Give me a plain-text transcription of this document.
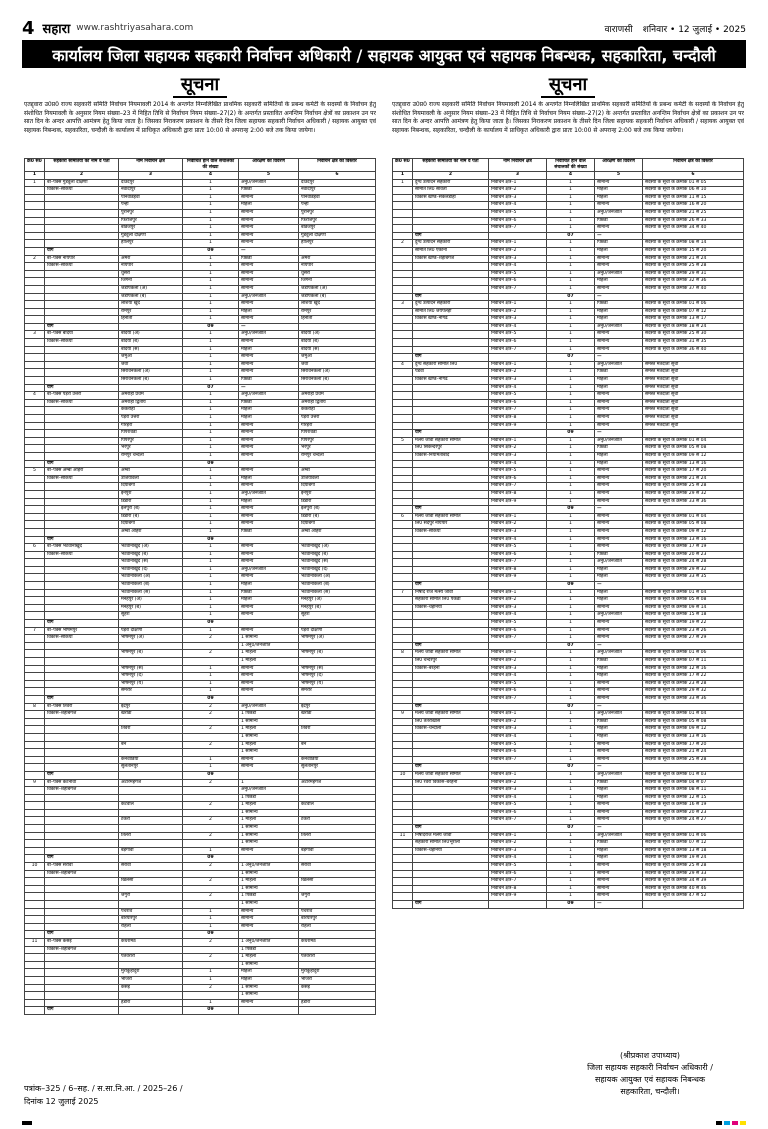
4 सहारा www.rashtriyasahara.com	वाराणसी शनिवार • 12 जुलाई • 2025
कार्यालय जिला सहायक सहकारी निर्वाचन अधिकारी / सहायक आयुक्त एवं सहायक निबन्धक, सहकारिता, चन्दौली
सूचना
एतद्द्वारा उ0प्र0 राज्य सहकारी समिति निर्वाचन नियमावली 2014 के अन्तर्गत निम्नलिखित प्राथमिक सहकारी समितियों के प्रबन्ध कमेटी के सदस्यों के निर्वाचन हेतु संशोधित नियमावली के अनुसार नियम संख्या–23 में निहित तिथि से निर्वाचन नियम संख्या–27(2) के अन्तर्गत प्रस्तावित अनन्तिम निर्वाचन क्षेत्रों का प्रकाशन उन पर सात दिन के अन्दर आपत्ति आमंत्रण हेतु किया जाता है। जिसका निराकरण प्रकाशन के तीसरे दिन जिला सहायक सहकारी निर्वाचन अधिकारी / सहायक आयुक्त एवं सहायक निबन्धक, सहकारिता, चन्दौली के कार्यालय में प्राधिकृत अधिकारी द्वारा प्रातः 10:00 से अपरान्ह 2:00 बजे तक किया जायेगा।
क्र0 सं0	सहकारी समितियों का नाम व पता	नाम निर्वाचन क्षेत्र	निर्वाचित होने वाले संचालकों की संख्या	आरक्षण का विवरण	निर्वाचन क्षेत्र का विस्तार
1	2	3	4	5	6
1	बी–पैक्स गुडवुला दक्षिणी	दाउदपुर	1	अनु0/जनजाति	दाउदपुर
	विकास–सकिया	नवादापुर	1	पिछडी	नवादापुर
		पानवाडेहवा	1	सामान्य	पानवाडेहवा
		पन्ही	1	महिला	पन्ही
		पुरानपुर	1	सामान्य	पुरानपुर
		फिरोजपुर	1	सामान्य	फिरोजपुर
		बोडजपुर	1	सामान्य	बोडजपुर
		गुडवुला दक्षिणी	1	सामान्य	गुडवुला दक्षिणी
		हीलिपुर	1	सामान्य	हीलिपुर
	योग		09	—	
2	बी–पैक्स नायपार	अमरा	1	पिछडी	अमरा
	विकास–सकिया	नायपार	1	सामान्य	नायपार
		धुसरा	1	सामान्य	धुसरा
		जिगना	1	सामान्य	जिगना
		जडीपकलॉ (अ)	1	सामान्य	जडीपकलॉ (अ)
		जडीपकलॉ (ब)	1	अनु0/जनजाति	जडीपकलॉ (ब)
		लशिया खुर्द	1	सामान्य	लशिया खुर्द
		रामपुर	1	महिला	रामपुर
		हिनौती	1	सामान्य	हिनौती
	योग		09	—	
3	बी–पैक्स बदिया	बदिया (अ)	1	अनु0/जनजाति	बदिया (अ)
	विकास–सकिया	बदिया (ब)	1	सामान्य	बदिया (ब)
		बदिया (स)	1	महिला	बदिया (स)
		जमुआ	1	सामान्य	जमुआ
		जेवा	1	सामान्य	जेवा
		सिरावनकलॉ (अ)	1	सामान्य	सिरावनकलॉ (अ)
		सिरावनकलॉ (ब)	1	पिछडी	सिरावनकलॉ (ब)
	योग		07	—	
4	बी–पैक्स पड़रा उत्तरी	अमरोहा प्रथम	1	अनु0/जनजाति	अमरोहा प्रथम
	विकास–सकिया	अमरोहा द्वितीय	1	पिछडी	अमरोहा द्वितीय
		ककरीहा	1	महिला	ककरीहा
		पड़रा उत्तरी	1	महिला	पड़रा उत्तरी
		गोरहरा	1	सामान्य	गोरहरा
		पिपरावडी	1	सामान्य	पिपरावडी
		पिपरपुर	1	सामान्य	पिपरपुर
		भरपुर	1	सामान्य	भरपुर
		रामपुर चन्दली	1	सामान्य	रामपुर चन्दली
	योग		09		
5	बी–पैक्स अम्बा अहिरा	अम्बा	1	सामान्य	अम्बा
	विकास–सकिया	उजियावली	1	महिला	उजियावली
		दियाबगा	1	सामान्य	दियाबगा
		इनपुरा	1	अनु0/जनजाति	इनपुरा
		डिडोरी	1	महिला	डिडोरी
		इलपुरा (ब)	1	सामान्य	इलपुरा (ब)
		डिडोरी (ब)	1	सामान्य	डिडोरी (ब)
		दियाबगा	1	सामान्य	दियाबगा
		अम्बा अहिरा	1	पिछडी	अम्बा अहिरा
	योग		09		
6	बी–पैक्स भटवानाखुर्द	भटवानाखुर्द (अ)	1	सामान्य	भटवानाखुर्द (अ)
	विकास–सकिया	भटवानाखुर्द (ब)	1	सामान्य	भटवानाखुर्द (ब)
		भटवानाखुर्द (स)	1	सामान्य	भटवानाखुर्द (स)
		भटवानाखुर्द (द)	1	अनु0/जनजाति	भटवानाखुर्द (द)
		भटवानाकलॉ (अ)	1	सामान्य	भटवानाकलॉ (अ)
		भटवानाकलॉ (ब)	1	महिला	भटवानाकलॉ (ब)
		भटवानाकलॉ (स)	1	पिछडी	भटवानाकलॉ (स)
		मनेहपुर (अ)	1	महिला	मनेहपुर (अ)
		मनेहपुर (ब)	1	सामान्य	मनेहपुर (ब)
		सुहरा	1	सामान्य	सुहरा
	योग		09		
7	बी–पैक्स भीषमपुर	पड़रा दक्षिणी	1	सामान्य	पड़रा दक्षिणी
	विकास–सकिया	भीषमपुर (अ)	2	1 सामान्य	भीषमपुर (अ)
				1 अनु0/जनजाति	
		भीषमपुर (ब)	2	1 महिला	भीषमपुर (ब)
				1 महिला	
		भीषमपुर (स)	1	सामान्य	भीषमपुर (स)
		भीषमपुर (द)	1	सामान्य	भीषमपुर (द)
		भीषमपुर (य)	1	सामान्य	भीषमपुर (य)
		सेमरौर	1	सामान्य	सेमरौर
	योग		09		
8	बी–पैक्स तिवरी	इंद्रपुर	2	अनु0/जनजाति	इंद्रपुर
	विकास–शहाबगंज	खरौडा	2	1 पिछडी	खरौडा
				1 सामान्य	
		तिवरी	2	1 महिला	तिवरी
				1 सामान्य	
		बेन	2	1 महिला	बेन
				1 सामान्य	
		कनवाडिया	1	सामान्य	कनवाडिया
		सुलतानपुर	1	सामान्य	सुलतानपुर
	योग		09		
9	बी–पैक्स कटनौवा	अटारमहगंज	2	1	अटारमहगंज
	विकास–शहाबगंज			अनु0/जनजाति	
				1 पिछडी	
		कटवौल	2	1 महिला	कटवौल
				1 सामान्य	
		टेकरी	2	1 महिला	टेकरी
				1 सामान्य	
		तिलरा	2	1 सामान्य	तिलरा
				1 सामान्य	
		बड़गावीं	1	सामान्य	बड़गावीं
	योग		09		
10	बी–पैक्स सरावा	सरावा	2	1 अनु0/जनजाति	सरावा
	विकास–शहाबगंज			1 सामान्य	
		खिलसी	2	1 महिला	खिलसी
				1 सामान्य	
		जेंगुरी	2	1 पिछडी	जेंगुरी
				1 सामान्य	
		पचराव	1	सामान्य	पचराव
		बरियारपुर	1	सामान्य	बरियारपुर
		रोहली	1	सामान्य	रोहली
	योग		09		
11	बी–पैक्स कसेई	कंधरामठ	2	1 अनु0/जनजाति	कंधरामठ
	विकास–शहाबगंज			1 पिछडी	
		पतेवरारी	2	1 महिला	पतेवरारी
				1 सामान्य	
		मुरीकुहादुरी	1	महिला	मुरीकुहादुरी
		भौजरा	1	महिला	भौजरा
		कसेई	2	1 सामान्य	कसेई
				1 सामान्य	
		हडौरा	1	सामान्य	हडौरा
	योग		09		
सूचना
एतद्द्वारा उ0प्र0 राज्य सहकारी समिति निर्वाचन नियमावली 2014 के अन्तर्गत निम्नलिखित प्राथमिक सहकारी समितियों के प्रबन्ध कमेटी के सदस्यों के निर्वाचन हेतु संशोधित नियमावली के अनुसार नियम संख्या–23 में निहित तिथि से निर्वाचन नियम संख्या–27(2) के अन्तर्गत प्रस्तावित अनन्तिम निर्वाचन क्षेत्रों का प्रकाशन उन पर सात दिन के अन्दर आपत्ति आमंत्रण हेतु किया जाता है। जिसका निराकरण प्रकाशन के तीसरे दिन जिला सहायक सहकारी निर्वाचन अधिकारी / सहायक आयुक्त एवं सहायक निबन्धक, सहकारिता, चन्दौली के कार्यालय में प्राधिकृत अधिकारी द्वारा प्रातः 10:00 से अपरान्ह 2:00 बजे तक किया जायेगा।
क्र0 सं0	सहकारी समितियों का नाम व पता	नाम निर्वाचन क्षेत्र	निर्वाचित होने वाले संचालकों की संख्या	आरक्षण का विवरण	निर्वाचन क्षेत्र का विस्तार
1	2	3	4	5	6
1	दुग्ध उत्पादन सहकारी	निर्वाचन क्षेत्र–1	1	सामान्य	सदस्यों के सूची के क्रमांक 01 से 05
	समिति लि0 सावती	निर्वाचन क्षेत्र–2	1	महिला	सदस्यों के सूची के क्रमांक 06 से 10
	विकास खण्ड–सकलडीहा	निर्वाचन क्षेत्र–3	1	महिला	सदस्यों के सूची के क्रमांक 11 से 15
		निर्वाचन क्षेत्र–4	1	सामान्य	सदस्यों के सूची के क्रमांक 16 से 20
		निर्वाचन क्षेत्र–5	1	अनु0/जनजाति	सदस्यों के सूची के क्रमांक 21 से 25
		निर्वाचन क्षेत्र–6	1	पिछडी	सदस्यों के सूची के क्रमांक 26 से 33
		निर्वाचन क्षेत्र–7	1	सामान्य	सदस्यों के सूची के क्रमांक 34 से 40
	योग		07	—	
2	दुग्ध उत्पादन सहकारी	निर्वाचन क्षेत्र–1	1	पिछडी	सदस्यों के सूची के क्रमांक 08 से 14
	समिति लि0 एकौना	निर्वाचन क्षेत्र–2	1	महिला	सदस्यों के सूची के क्रमांक 15 से 20
	विकास खण्ड–शहाबगंज	निर्वाचन क्षेत्र–3	1	सामान्य	सदस्यों के सूची के क्रमांक 21 से 24
		निर्वाचन क्षेत्र–4	1	सामान्य	सदस्यों के सूची के क्रमांक 25 से 28
		निर्वाचन क्षेत्र–5	1	अनु0/जनजाति	सदस्यों के सूची के क्रमांक 29 से 31
		निर्वाचन क्षेत्र–6	1	महिला	सदस्यों के सूची के क्रमांक 32 से 36
		निर्वाचन क्षेत्र–7	1	सामान्य	सदस्यों के सूची के क्रमांक 37 से 40
	योग		07	—	
3	दुग्ध उत्पादन सहकारी	निर्वाचन क्षेत्र–1	1	पिछडी	सदस्यों के सूची के क्रमांक 01 से 06
	समिति लि0 जयपलेही	निर्वाचन क्षेत्र–2	1	महिला	सदस्यों के सूची के क्रमांक 07 से 12
	विकास खण्ड–नौगढ	निर्वाचन क्षेत्र–3	1	महिला	सदस्यों के सूची के क्रमांक 13 से 17
		निर्वाचन क्षेत्र–4	1	अनु0/जनजाति	सदस्यों के सूची के क्रमांक 18 से 24
		निर्वाचन क्षेत्र–5	1	सामान्य	सदस्यों के सूची के क्रमांक 25 से 30
		निर्वाचन क्षेत्र–6	1	सामान्य	सदस्यों के सूची के क्रमांक 31 से 35
		निर्वाचन क्षेत्र–7	1	सामान्य	सदस्यों के सूची के क्रमांक 36 से 40
	योग		07	—	
4	दुग्ध सहकारी समिति लि0	निर्वाचन क्षेत्र–1	1	अनु0/जनजाति	समस्त मतदाता सूची
	पडवा	निर्वाचन क्षेत्र–2	1	पिछडी	समस्त मतदाता सूची
	विकास खण्ड–नौगढ	निर्वाचन क्षेत्र–3	1	महिला	समस्त मतदाता सूची
		निर्वाचन क्षेत्र–4	1	महिला	समस्त मतदाता सूची
		निर्वाचन क्षेत्र–5	1	सामान्य	समस्त मतदाता सूची
		निर्वाचन क्षेत्र–6	1	सामान्य	समस्त मतदाता सूची
		निर्वाचन क्षेत्र–7	1	सामान्य	समस्त मतदाता सूची
		निर्वाचन क्षेत्र–8	1	सामान्य	समस्त मतदाता सूची
		निर्वाचन क्षेत्र–9	1	सामान्य	समस्त मतदाता सूची
	योग		09	—	
5	मत्स्य जीवी सहकारी समिति	निर्वाचन क्षेत्र–1	1	अनु0/जनजाति	सदस्यों के सूची के क्रमांक 01 से 04
	लि0 सिकन्दरपुर	निर्वाचन क्षेत्र–2	1	पिछडी	सदस्यों के सूची के क्रमांक 05 से 08
	विकास–नियामताबाद	निर्वाचन क्षेत्र–3	1	महिला	सदस्यों के सूची के क्रमांक 09 से 12
		निर्वाचन क्षेत्र–4	1	महिला	सदस्यों के सूची के क्रमांक 13 से 16
		निर्वाचन क्षेत्र–5	1	सामान्य	सदस्यों के सूची के क्रमांक 17 से 20
		निर्वाचन क्षेत्र–6	1	सामान्य	सदस्यों के सूची के क्रमांक 21 से 24
		निर्वाचन क्षेत्र–7	1	सामान्य	सदस्यों के सूची के क्रमांक 25 से 28
		निर्वाचन क्षेत्र–8	1	सामान्य	सदस्यों के सूची के क्रमांक 29 से 32
		निर्वाचन क्षेत्र–9	1	सामान्य	सदस्यों के सूची के क्रमांक 33 से 36
	योग		09	—	
6	मत्स्य जीवी सहकारी समिति	निर्वाचन क्षेत्र–1	1	सामान्य	सदस्यों के सूची के क्रमांक 01 से 04
	लि0 सदपुर नायपार	निर्वाचन क्षेत्र–2	1	सामान्य	सदस्यों के सूची के क्रमांक 05 से 08
	विकास–सकिया	निर्वाचन क्षेत्र–3	1	सामान्य	सदस्यों के सूची के क्रमांक 09 से 12
		निर्वाचन क्षेत्र–4	1	सामान्य	सदस्यों के सूची के क्रमांक 13 से 16
		निर्वाचन क्षेत्र–5	1	सामान्य	सदस्यों के सूची के क्रमांक 17 से 19
		निर्वाचन क्षेत्र–6	1	पिछडी	सदस्यों के सूची के क्रमांक 20 से 23
		निर्वाचन क्षेत्र–7	1	अनु0/जनजाति	सदस्यों के सूची के क्रमांक 24 से 28
		निर्वाचन क्षेत्र–8	1	महिला	सदस्यों के सूची के क्रमांक 29 से 32
		निर्वाचन क्षेत्र–9	1	महिला	सदस्यों के सूची के क्रमांक 33 से 35
	योग		09	—	
7	निषाद राज मत्स्य जीवी	निर्वाचन क्षेत्र–1	1	महिला	सदस्यों के सूची के क्रमांक 01 से 04
	सहकारी समिति लि0 पकडी	निर्वाचन क्षेत्र–2	1	महिला	सदस्यों के सूची के क्रमांक 05 से 08
	विकास–चहनियॉ	निर्वाचन क्षेत्र–3	1	सामान्य	सदस्यों के सूची के क्रमांक 09 से 14
		निर्वाचन क्षेत्र–4	1	अनु0/जनजाति	सदस्यों के सूची के क्रमांक 15 से 18
		निर्वाचन क्षेत्र–5	1	सामान्य	सदस्यों के सूची के क्रमांक 19 से 22
		निर्वाचन क्षेत्र–6	1	सामान्य	सदस्यों के सूची के क्रमांक 23 से 26
		निर्वाचन क्षेत्र–7	1	सामान्य	सदस्यों के सूची के क्रमांक 27 से 29
	योग		07	—	
8	मत्स्य जीवी सहकारी समिति	निर्वाचन क्षेत्र–1	1	अनु0/जनजाति	सदस्यों के सूची के क्रमांक 01 से 06
	लि0 चन्दरपुर	निर्वाचन क्षेत्र–2	1	पिछडी	सदस्यों के सूची के क्रमांक 07 से 11
	विकास–बरहनी	निर्वाचन क्षेत्र–3	1	महिला	सदस्यों के सूची के क्रमांक 12 से 16
		निर्वाचन क्षेत्र–4	1	महिला	सदस्यों के सूची के क्रमांक 17 से 22
		निर्वाचन क्षेत्र–5	1	सामान्य	सदस्यों के सूची के क्रमांक 23 से 28
		निर्वाचन क्षेत्र–6	1	सामान्य	सदस्यों के सूची के क्रमांक 29 से 32
		निर्वाचन क्षेत्र–7	1	सामान्य	सदस्यों के सूची के क्रमांक 33 से 36
	योग		07	—	
9	मत्स्य जीवी सहकारी समिति	निर्वाचन क्षेत्र–1	1	अनु0/जनजाति	सदस्यों के सूची के क्रमांक 01 से 04
	लि0 तेतराखास	निर्वाचन क्षेत्र–2	1	पिछडी	सदस्यों के सूची के क्रमांक 05 से 08
	विकास–चन्दौली	निर्वाचन क्षेत्र–3	1	महिला	सदस्यों के सूची के क्रमांक 09 से 12
		निर्वाचन क्षेत्र–4	1	महिला	सदस्यों के सूची के क्रमांक 13 से 16
		निर्वाचन क्षेत्र–5	1	सामान्य	सदस्यों के सूची के क्रमांक 17 से 20
		निर्वाचन क्षेत्र–6	1	सामान्य	सदस्यों के सूची के क्रमांक 21 से 24
		निर्वाचन क्षेत्र–7	1	सामान्य	सदस्यों के सूची के क्रमांक 25 से 28
	योग		07	—	
10	मत्स्य जीवी सहकारी समिति	निर्वाचन क्षेत्र–1	1	अनु0/जनजाति	सदस्यों के सूची के क्रमांक 01 से 03
	लि0 रेवरा विकास–बरहनी	निर्वाचन क्षेत्र–2	1	पिछडी	सदस्यों के सूची के क्रमांक 04 से 07
		निर्वाचन क्षेत्र–3	1	महिला	सदस्यों के सूची के क्रमांक 08 से 11
		निर्वाचन क्षेत्र–4	1	महिला	सदस्यों के सूची के क्रमांक 12 से 15
		निर्वाचन क्षेत्र–5	1	सामान्य	सदस्यों के सूची के क्रमांक 16 से 19
		निर्वाचन क्षेत्र–6	1	सामान्य	सदस्यों के सूची के क्रमांक 20 से 23
		निर्वाचन क्षेत्र–7	1	सामान्य	सदस्यों के सूची के क्रमांक 24 से 27
	योग		07	—	
11	निषादराज मत्स्य जीवी	निर्वाचन क्षेत्र–1	1	अनु0/जनजाति	सदस्यों के सूची के क्रमांक 01 से 06
	सहकारी समिति लि0भूरौली	निर्वाचन क्षेत्र–2	1	पिछडी	सदस्यों के सूची के क्रमांक 07 से 12
	विकास–चहनियॉ	निर्वाचन क्षेत्र–3	1	महिला	सदस्यों के सूची के क्रमांक 13 से 18
		निर्वाचन क्षेत्र–4	1	महिला	सदस्यों के सूची के क्रमांक 19 से 24
		निर्वाचन क्षेत्र–5	1	सामान्य	सदस्यों के सूची के क्रमांक 25 से 28
		निर्वाचन क्षेत्र–6	1	सामान्य	सदस्यों के सूची के क्रमांक 29 से 33
		निर्वाचन क्षेत्र–7	1	सामान्य	सदस्यों के सूची के क्रमांक 34 से 39
		निर्वाचन क्षेत्र–8	1	सामान्य	सदस्यों के सूची के क्रमांक 40 से 46
		निर्वाचन क्षेत्र–9	1	सामान्य	सदस्यों के सूची के क्रमांक 47 से 52
	योग		09	—	
(श्रीप्रकाश उपाध्याय)
जिला सहायक सहकारी निर्वाचन अधिकारी /
सहायक आयुक्त एवं सहायक निबन्धक
सहकारिता, चन्दौली।
पत्रांक–325 / 6–सह. / स.सा.नि.आ. / 2025–26 /
दिनांक 12 जुलाई 2025
